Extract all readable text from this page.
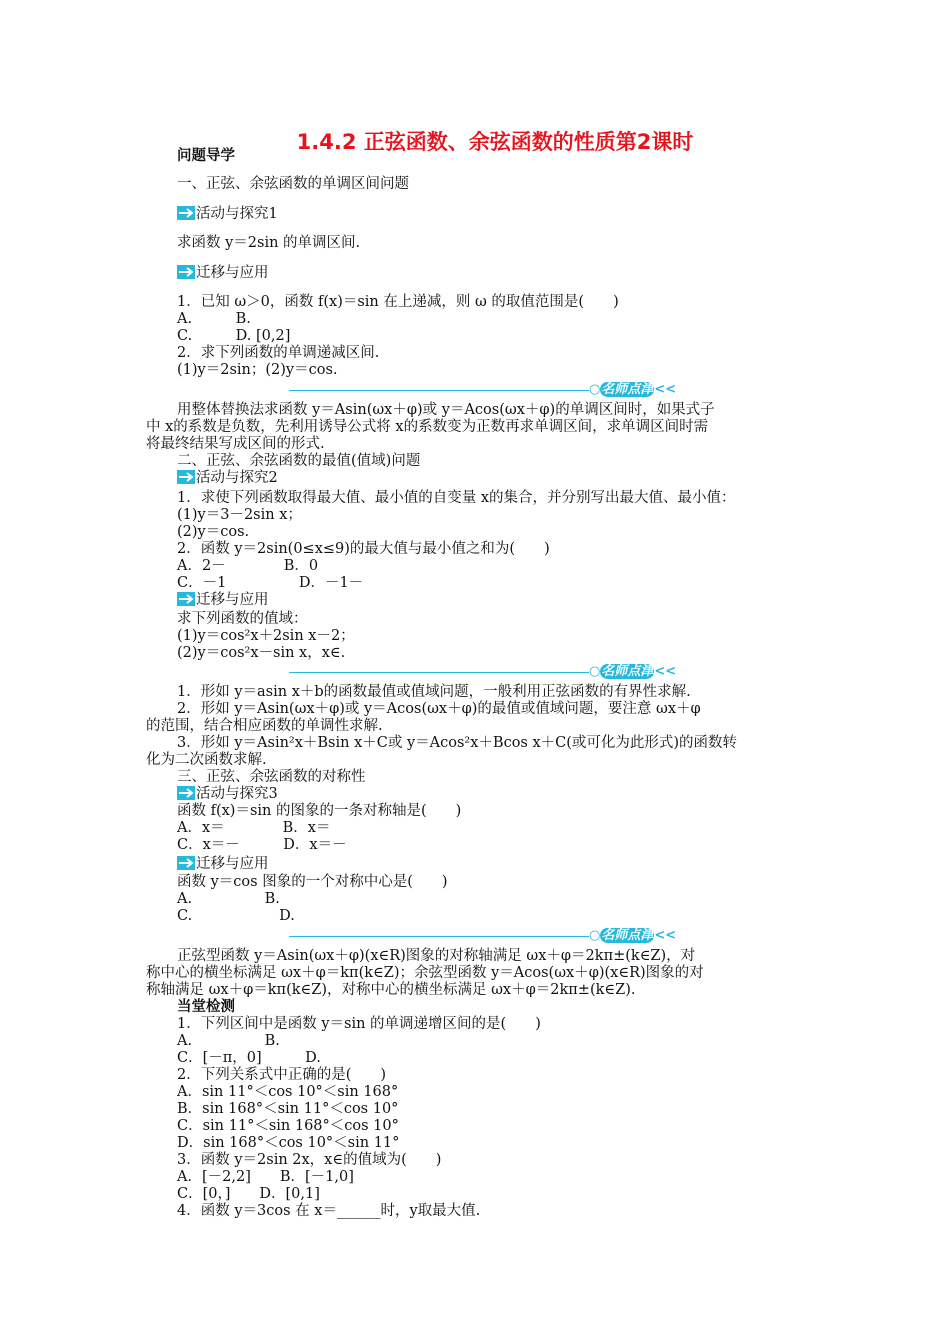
1.4.2 正弦函数、余弦函数的性质第2课时
问题导学
一、正弦、余弦函数的单调区间问题
活动与探究1
求函数 y＝2sin 的单调区间.
迁移与应用
1．已知 ω＞0，函数 f(x)＝sin 在上递减，则 ω 的取值范围是(　　)
A.　　　B.
C.　　　D. [0,2]
2．求下列函数的单调递减区间.
(1)y＝2sin；(2)y＝cos.
○名师点津<<
用整体替换法求函数 y＝Asin(ωx＋φ)或 y＝Acos(ωx＋φ)的单调区间时，如果式子
中 x的系数是负数，先利用诱导公式将 x的系数变为正数再求单调区间，求单调区间时需
将最终结果写成区间的形式.
二、正弦、余弦函数的最值(值域)问题
活动与探究2
1．求使下列函数取得最大值、最小值的自变量 x的集合，并分别写出最大值、最小值：
(1)y＝3－2sin x；
(2)y＝cos.
2．函数 y＝2sin(0≤x≤9)的最大值与最小值之和为(　　)
A．2－　　　　B．0
C．－1　　　　　D．－1－
迁移与应用
求下列函数的值域：
(1)y＝cos²x＋2sin x－2；
(2)y＝cos²x－sin x，x∈.
○名师点津<<
1．形如 y＝asin x＋b的函数最值或值域问题，一般利用正弦函数的有界性求解.
2．形如 y＝Asin(ωx＋φ)或 y＝Acos(ωx＋φ)的最值或值域问题，要注意 ωx＋φ
的范围，结合相应函数的单调性求解.
3．形如 y＝Asin²x＋Bsin x＋C或 y＝Acos²x＋Bcos x＋C(或可化为此形式)的函数转
化为二次函数求解.
三、正弦、余弦函数的对称性
活动与探究3
函数 f(x)＝sin 的图象的一条对称轴是(　　)
A．x＝　　　　B．x＝
C．x＝－　　　D．x＝－
迁移与应用
函数 y＝cos 图象的一个对称中心是(　　)
A.　　　　　B.
C.　　　　　　D.
○名师点津<<
正弦型函数 y＝Asin(ωx＋φ)(x∈R)图象的对称轴满足 ωx＋φ＝2kπ±(k∈Z)，对
称中心的横坐标满足 ωx＋φ＝kπ(k∈Z)；余弦型函数 y＝Acos(ωx＋φ)(x∈R)图象的对
称轴满足 ωx＋φ＝kπ(k∈Z)，对称中心的横坐标满足 ωx＋φ＝2kπ±(k∈Z).
当堂检测
1．下列区间中是函数 y＝sin 的单调递增区间的是(　　)
A.　　　　　B.
C．[－π，0]　　　D.
2．下列关系式中正确的是(　　)
A．sin 11°＜cos 10°＜sin 168°
B．sin 168°＜sin 11°＜cos 10°
C．sin 11°＜sin 168°＜cos 10°
D．sin 168°＜cos 10°＜sin 11°
3．函数 y＝2sin 2x，x∈的值域为(　　)
A．[－2,2]　　B．[－1,0]
C．[0，]　　D．[0,1]
4．函数 y＝3cos 在 x＝______时，y取最大值.
